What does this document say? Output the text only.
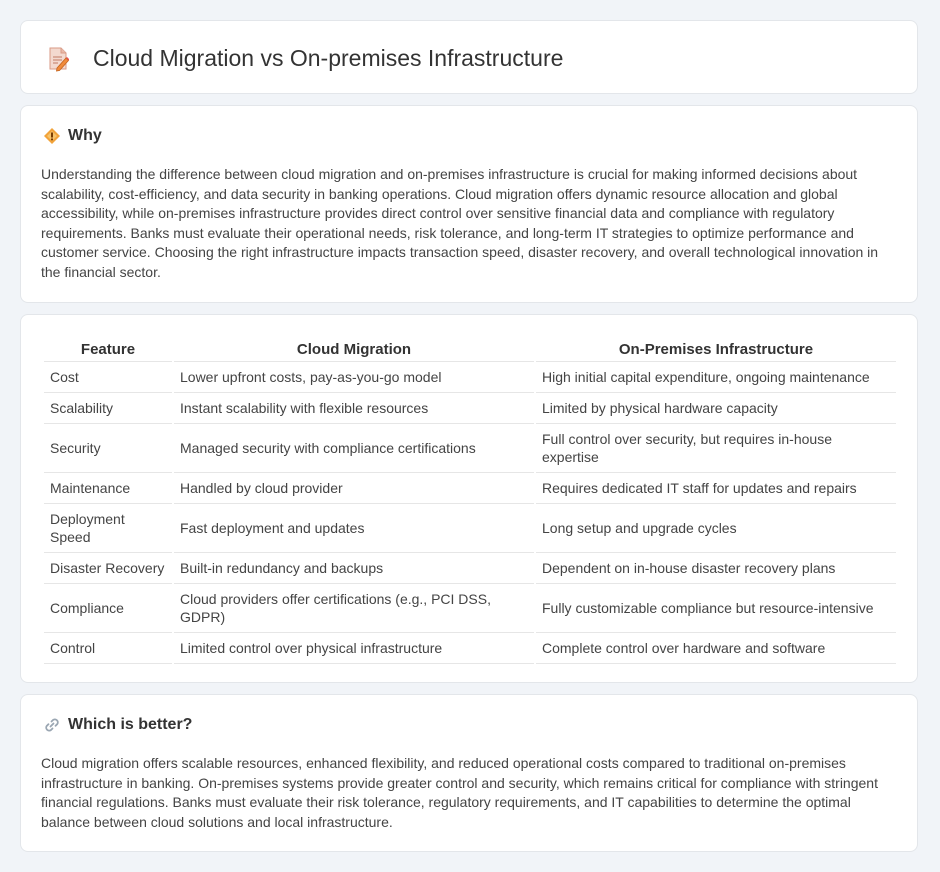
Cloud Migration vs On-premises Infrastructure
Why

Understanding the difference between cloud migration and on-premises infrastructure is crucial for making informed decisions about scalability, cost-efficiency, and data security in banking operations. Cloud migration offers dynamic resource allocation and global accessibility, while on-premises infrastructure provides direct control over sensitive financial data and compliance with regulatory requirements. Banks must evaluate their operational needs, risk tolerance, and long-term IT strategies to optimize performance and customer service. Choosing the right infrastructure impacts transaction speed, disaster recovery, and overall technological innovation in the financial sector.

Feature	Cloud Migration	On-Premises Infrastructure
Cost	Lower upfront costs, pay-as-you-go model	High initial capital expenditure, ongoing maintenance
Scalability	Instant scalability with flexible resources	Limited by physical hardware capacity
Security	Managed security with compliance certifications	Full control over security, but requires in-house expertise
Maintenance	Handled by cloud provider	Requires dedicated IT staff for updates and repairs
Deployment Speed	Fast deployment and updates	Long setup and upgrade cycles
Disaster Recovery	Built-in redundancy and backups	Dependent on in-house disaster recovery plans
Compliance	Cloud providers offer certifications (e.g., PCI DSS, GDPR)	Fully customizable compliance but resource-intensive
Control	Limited control over physical infrastructure	Complete control over hardware and software
Which is better?

Cloud migration offers scalable resources, enhanced flexibility, and reduced operational costs compared to traditional on-premises infrastructure in banking. On-premises systems provide greater control and security, which remains critical for compliance with stringent financial regulations. Banks must evaluate their risk tolerance, regulatory requirements, and IT capabilities to determine the optimal balance between cloud solutions and local infrastructure.
